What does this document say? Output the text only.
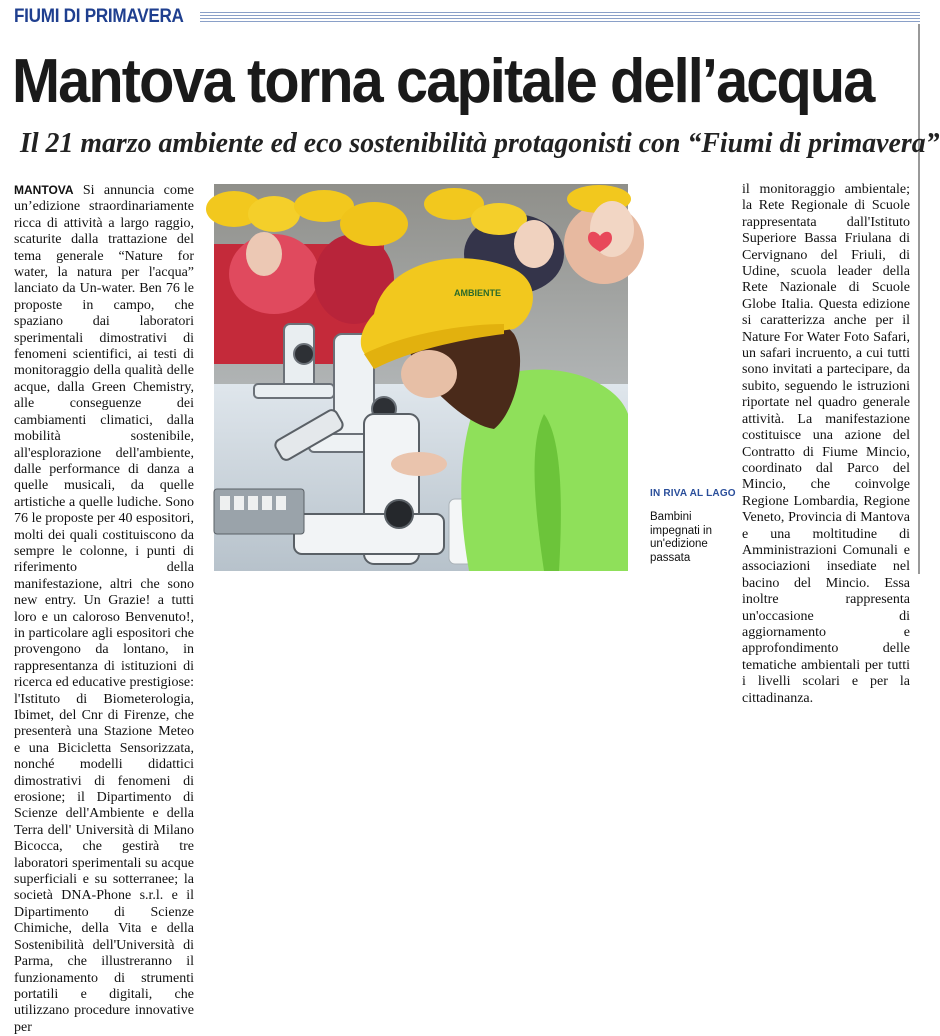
FIUMI DI PRIMAVERA
Mantova torna capitale dell’acqua
Il 21 marzo ambiente ed eco sostenibilità protagonisti con “Fiumi di primavera”

MANTOVA Si annuncia come un’edizione straordinariamente ricca di attività a largo raggio, scaturite dalla trattazione del tema generale “Nature for water, la natura per l'acqua” lanciato da Un-water. Ben 76 le proposte in campo, che spaziano dai laboratori sperimentali dimostrativi di fenomeni scientifici, ai testi di monitoraggio della qualità delle acque, dalla Green Chemistry, alle conseguenze dei cambiamenti climatici, dalla mobilità sostenibile, all'esplorazione dell'ambiente, dalle performance di danza a quelle musicali, da quelle artistiche a quelle ludiche. Sono 76 le proposte per 40 espositori, molti dei quali costituiscono da sempre le colonne, i punti di riferimento della manifestazione, altri che sono new entry. Un Grazie! a tutti loro e un caloroso Benvenuto!, in particolare agli espositori che provengono da lontano, in rappresentanza di istituzioni di ricerca ed educative prestigiose: l'Istituto di Biometerologia, Ibimet, del Cnr di Firenze, che presenterà una Stazione Meteo e una Bicicletta Sensorizzata, nonché modelli didattici dimostrativi di fenomeni di erosione; il Dipartimento di Scienze dell'Ambiente e della Terra dell' Università di Milano Bicocca, che gestirà tre laboratori sperimentali su acque superficiali e su sotterranee; la società DNA-Phone s.r.l. e il Dipartimento di Scienze Chimiche, della Vita e della Sostenibilità dell'Università di Parma, che illustreranno il funzionamento di strumenti portatili e digitali, che utilizzano procedure innovative per

AMBIENTE
IN RIVA AL LAGO
Bambini impegnati in un'edizione passata

il monitoraggio ambientale; la Rete Regionale di Scuole rappresentata dall'Istituto Superiore Bassa Friulana di Cervignano del Friuli, di Udine, scuola leader della Rete Nazionale di Scuole Globe Italia. Questa edizione si caratterizza anche per il Nature For Water Foto Safari, un safari incruento, a cui tutti sono invitati a partecipare, da subito, seguendo le istruzioni riportate nel quadro generale attività. La manifestazione costituisce una azione del Contratto di Fiume Mincio, coordinato dal Parco del Mincio, che coinvolge Regione Lombardia, Regione Veneto, Provincia di Mantova e una moltitudine di Amministrazioni Comunali e associazioni insediate nel bacino del Mincio. Essa inoltre rappresenta un'occasione di aggiornamento e approfondimento delle tematiche ambientali per tutti i livelli scolari e per la cittadinanza.
